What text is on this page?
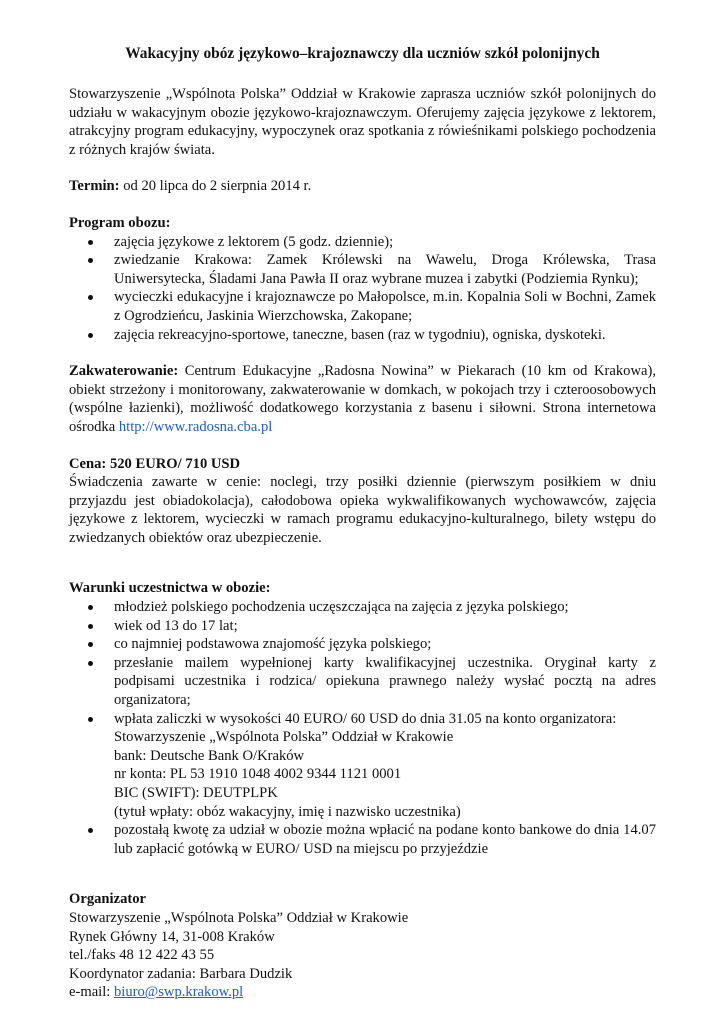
Wakacyjny obóz językowo–krajoznawczy dla uczniów szkół polonijnych

Stowarzyszenie „Wspólnota Polska” Oddział w Krakowie zaprasza uczniów szkół polonijnych do udziału w wakacyjnym obozie językowo-krajoznawczym. Oferujemy zajęcia językowe z lektorem, atrakcyjny program edukacyjny, wypoczynek oraz spotkania z rówieśnikami polskiego pochodzenia z różnych krajów świata.

Termin: od 20 lipca do 2 sierpnia 2014 r.

Program obozu:

zajęcia językowe z lektorem (5 godz. dziennie);
zwiedzanie Krakowa: Zamek Królewski na Wawelu, Droga Królewska, Trasa Uniwersytecka, Śladami Jana Pawła II oraz wybrane muzea i zabytki (Podziemia Rynku);
wycieczki edukacyjne i krajoznawcze po Małopolsce, m.in. Kopalnia Soli w Bochni, Zamek z Ogrodzieńcu, Jaskinia Wierzchowska, Zakopane;
zajęcia rekreacyjno-sportowe, taneczne, basen (raz w tygodniu), ogniska, dyskoteki.

Zakwaterowanie: Centrum Edukacyjne „Radosna Nowina” w Piekarach (10 km od Krakowa), obiekt strzeżony i monitorowany, zakwaterowanie w domkach, w pokojach trzy i czteroosobowych (wspólne łazienki), możliwość dodatkowego korzystania z basenu i siłowni. Strona internetowa ośrodka http://www.radosna.cba.pl

Cena: 520 EURO/ 710 USD

Świadczenia zawarte w cenie: noclegi, trzy posiłki dziennie (pierwszym posiłkiem w dniu przyjazdu jest obiadokolacja), całodobowa opieka wykwalifikowanych wychowawców, zajęcia językowe z lektorem, wycieczki w ramach programu edukacyjno-kulturalnego, bilety wstępu do zwiedzanych obiektów oraz ubezpieczenie.

Warunki uczestnictwa w obozie:

młodzież polskiego pochodzenia uczęszczająca na zajęcia z języka polskiego;
wiek od 13 do 17 lat;
co najmniej podstawowa znajomość języka polskiego;
przesłanie mailem wypełnionej karty kwalifikacyjnej uczestnika. Oryginał karty z podpisami uczestnika i rodzica/ opiekuna prawnego należy wysłać pocztą na adres organizatora;
wpłata zaliczki w wysokości 40 EURO/ 60 USD do dnia 31.05 na konto organizatora:
Stowarzyszenie „Wspólnota Polska” Oddział w Krakowie
bank: Deutsche Bank O/Kraków
nr konta: PL 53 1910 1048 4002 9344 1121 0001
BIC (SWIFT): DEUTPLPK
(tytuł wpłaty: obóz wakacyjny, imię i nazwisko uczestnika)
pozostałą kwotę za udział w obozie można wpłacić na podane konto bankowe do dnia 14.07 lub zapłacić gotówką w EURO/ USD na miejscu po przyjeździe

Organizator

Stowarzyszenie „Wspólnota Polska” Oddział w Krakowie

Rynek Główny 14, 31-008 Kraków

tel./faks 48 12 422 43 55

Koordynator zadania: Barbara Dudzik

e-mail: biuro@swp.krakow.pl
